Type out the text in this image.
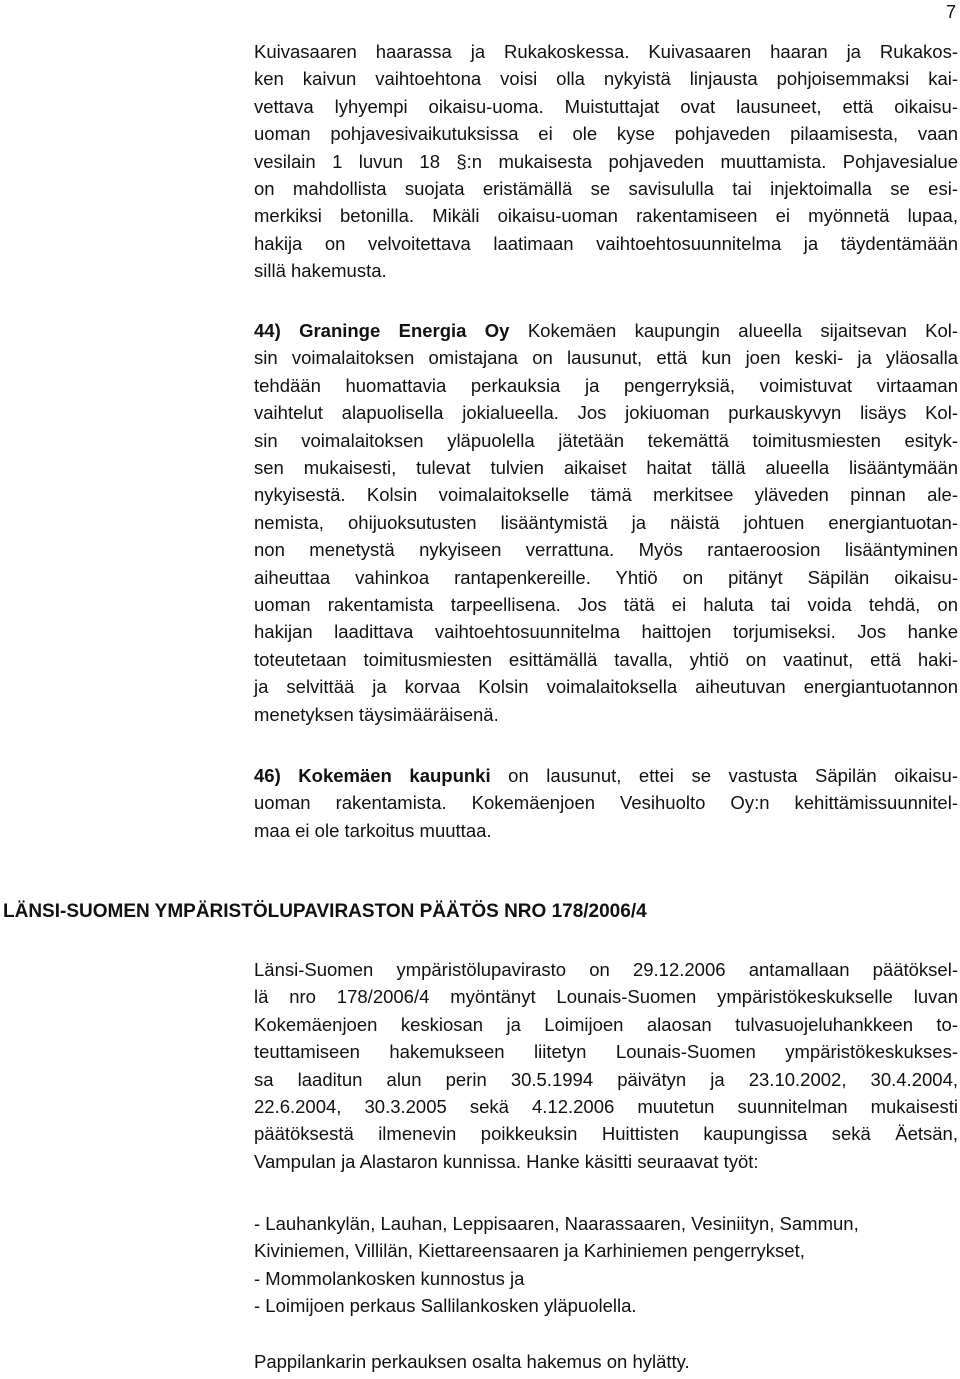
7
Kuivasaaren haarassa ja Rukakoskessa. Kuivasaaren haaran ja Rukakos-
ken kaivun vaihtoehtona voisi olla nykyistä linjausta pohjoisemmaksi kai-
vettava lyhyempi oikaisu-uoma. Muistuttajat ovat lausuneet, että oikaisu-
uoman pohjavesivaikutuksissa ei ole kyse pohjaveden pilaamisesta, vaan
vesilain 1 luvun 18 §:n mukaisesta pohjaveden muuttamista. Pohjavesialue
on mahdollista suojata eristämällä se savisululla tai injektoimalla se esi-
merkiksi betonilla. Mikäli oikaisu-uoman rakentamiseen ei myönnetä lupaa,
hakija on velvoitettava laatimaan vaihtoehtosuunnitelma ja täydentämään
sillä hakemusta.
44) Graninge Energia Oy Kokemäen kaupungin alueella sijaitsevan Kol-
sin voimalaitoksen omistajana on lausunut, että kun joen keski- ja yläosalla
tehdään huomattavia perkauksia ja pengerryksiä, voimistuvat virtaaman
vaihtelut alapuolisella jokialueella. Jos jokiuoman purkauskyvyn lisäys Kol-
sin voimalaitoksen yläpuolella jätetään tekemättä toimitusmiesten esityk-
sen mukaisesti, tulevat tulvien aikaiset haitat tällä alueella lisääntymään
nykyisestä. Kolsin voimalaitokselle tämä merkitsee yläveden pinnan ale-
nemista, ohijuoksutusten lisääntymistä ja näistä johtuen energiantuotan-
non menetystä nykyiseen verrattuna. Myös rantaeroosion lisääntyminen
aiheuttaa vahinkoa rantapenkereille. Yhtiö on pitänyt Säpilän oikaisu-
uoman rakentamista tarpeellisena. Jos tätä ei haluta tai voida tehdä, on
hakijan laadittava vaihtoehtosuunnitelma haittojen torjumiseksi. Jos hanke
toteutetaan toimitusmiesten esittämällä tavalla, yhtiö on vaatinut, että haki-
ja selvittää ja korvaa Kolsin voimalaitoksella aiheutuvan energiantuotannon
menetyksen täysimääräisenä.
46) Kokemäen kaupunki on lausunut, ettei se vastusta Säpilän oikaisu-
uoman rakentamista. Kokemäenjoen Vesihuolto Oy:n kehittämissuunnitel-
maa ei ole tarkoitus muuttaa.
LÄNSI-SUOMEN YMPÄRISTÖLUPAVIRASTON PÄÄTÖS NRO 178/2006/4
Länsi-Suomen ympäristölupavirasto on 29.12.2006 antamallaan päätöksel-
lä nro 178/2006/4 myöntänyt Lounais-Suomen ympäristökeskukselle luvan
Kokemäenjoen keskiosan ja Loimijoen alaosan tulvasuojeluhankkeen to-
teuttamiseen hakemukseen liitetyn Lounais-Suomen ympäristökeskukses-
sa laaditun alun perin 30.5.1994 päivätyn ja 23.10.2002, 30.4.2004,
22.6.2004, 30.3.2005 sekä 4.12.2006 muutetun suunnitelman mukaisesti
päätöksestä ilmenevin poikkeuksin Huittisten kaupungissa sekä Äetsän,
Vampulan ja Alastaron kunnissa. Hanke käsitti seuraavat työt:
- Lauhankylän, Lauhan, Leppisaaren, Naarassaaren, Vesiniityn, Sammun,
Kiviniemen, Villilän, Kiettareensaaren ja Karhiniemen pengerrykset,
- Mommolankosken kunnostus ja
- Loimijoen perkaus Sallilankosken yläpuolella.
Pappilankarin perkauksen osalta hakemus on hylätty.
